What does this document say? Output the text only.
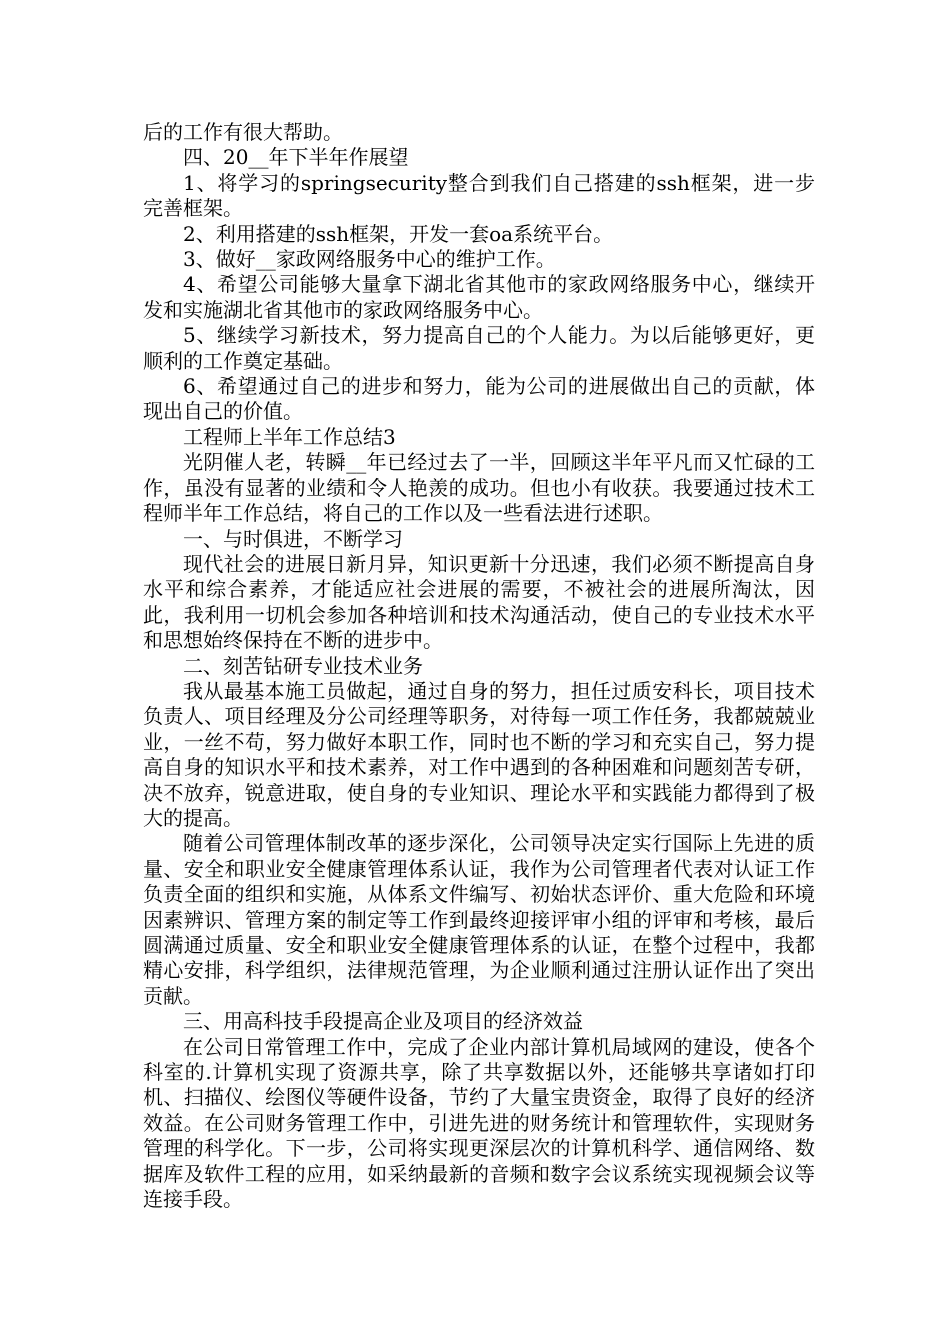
后的工作有很大帮助。

四、20__年下半年作展望

1、将学习的springsecurity整合到我们自己搭建的ssh框架，进一步完善框架。

2、利用搭建的ssh框架，开发一套oa系统平台。

3、做好__家政网络服务中心的维护工作。

4、希望公司能够大量拿下湖北省其他市的家政网络服务中心，继续开发和实施湖北省其他市的家政网络服务中心。

5、继续学习新技术，努力提高自己的个人能力。为以后能够更好，更顺利的工作奠定基础。

6、希望通过自己的进步和努力，能为公司的进展做出自己的贡献，体现出自己的价值。

工程师上半年工作总结3

光阴催人老，转瞬__年已经过去了一半，回顾这半年平凡而又忙碌的工作，虽没有显著的业绩和令人艳羡的成功。但也小有收获。我要通过技术工程师半年工作总结，将自己的工作以及一些看法进行述职。

一、与时俱进，不断学习

现代社会的进展日新月异，知识更新十分迅速，我们必须不断提高自身水平和综合素养，才能适应社会进展的需要，不被社会的进展所淘汰，因此，我利用一切机会参加各种培训和技术沟通活动，使自己的专业技术水平和思想始终保持在不断的进步中。

二、刻苦钻研专业技术业务

我从最基本施工员做起，通过自身的努力，担任过质安科长，项目技术负责人、项目经理及分公司经理等职务，对待每一项工作任务，我都兢兢业业，一丝不苟，努力做好本职工作，同时也不断的学习和充实自己，努力提高自身的知识水平和技术素养，对工作中遇到的各种困难和问题刻苦专研，决不放弃，锐意进取，使自身的专业知识、理论水平和实践能力都得到了极大的提高。

随着公司管理体制改革的逐步深化，公司领导决定实行国际上先进的质量、安全和职业安全健康管理体系认证，我作为公司管理者代表对认证工作负责全面的组织和实施，从体系文件编写、初始状态评价、重大危险和环境因素辨识、管理方案的制定等工作到最终迎接评审小组的评审和考核，最后圆满通过质量、安全和职业安全健康管理体系的认证，在整个过程中，我都精心安排，科学组织，法律规范管理，为企业顺利通过注册认证作出了突出贡献。

三、用高科技手段提高企业及项目的经济效益

在公司日常管理工作中，完成了企业内部计算机局域网的建设，使各个科室的.计算机实现了资源共享，除了共享数据以外，还能够共享诸如打印机、扫描仪、绘图仪等硬件设备，节约了大量宝贵资金，取得了良好的经济效益。在公司财务管理工作中，引进先进的财务统计和管理软件，实现财务管理的科学化。下一步，公司将实现更深层次的计算机科学、通信网络、数据库及软件工程的应用，如采纳最新的音频和数字会议系统实现视频会议等连接手段。
